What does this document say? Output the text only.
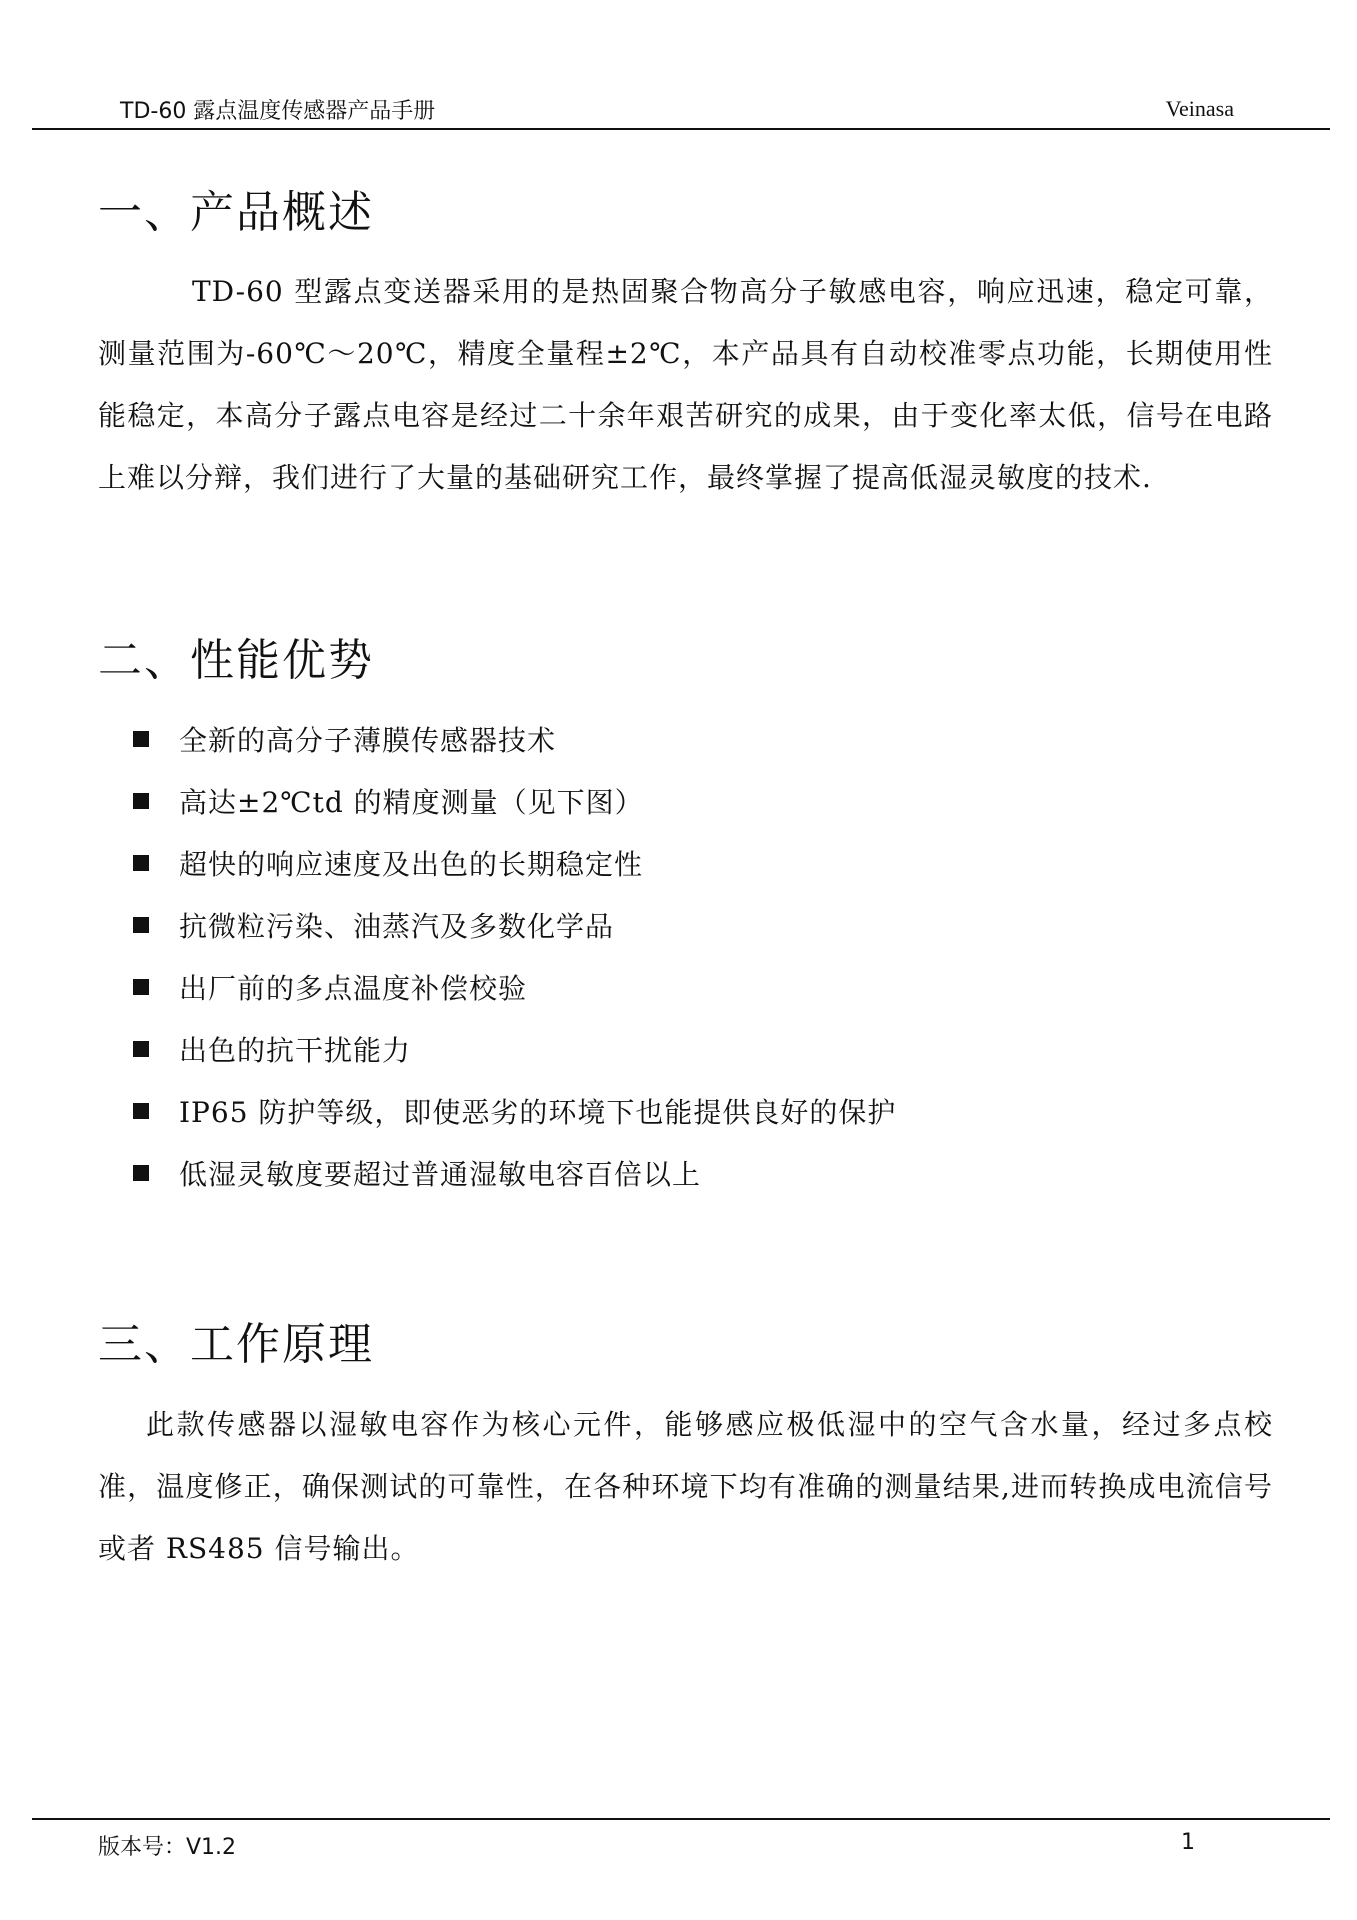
TD-60 露点温度传感器产品手册	Veinasa
一、产品概述

TD-60 型露点变送器采用的是热固聚合物高分子敏感电容，响应迅速，稳定可靠，测量范围为-60℃～20℃，精度全量程±2℃，本产品具有自动校准零点功能，长期使用性能稳定，本高分子露点电容是经过二十余年艰苦研究的成果，由于变化率太低，信号在电路上难以分辩，我们进行了大量的基础研究工作，最终掌握了提高低湿灵敏度的技术.

二、性能优势
全新的高分子薄膜传感器技术
高达±2℃td 的精度测量（见下图）
超快的响应速度及出色的长期稳定性
抗微粒污染、油蒸汽及多数化学品
出厂前的多点温度补偿校验
出色的抗干扰能力
IP65 防护等级，即使恶劣的环境下也能提供良好的保护
低湿灵敏度要超过普通湿敏电容百倍以上
三、工作原理

此款传感器以湿敏电容作为核心元件，能够感应极低湿中的空气含水量，经过多点校准，温度修正，确保测试的可靠性，在各种环境下均有准确的测量结果,进而转换成电流信号或者 RS485 信号输出。

版本号：V1.2	1
